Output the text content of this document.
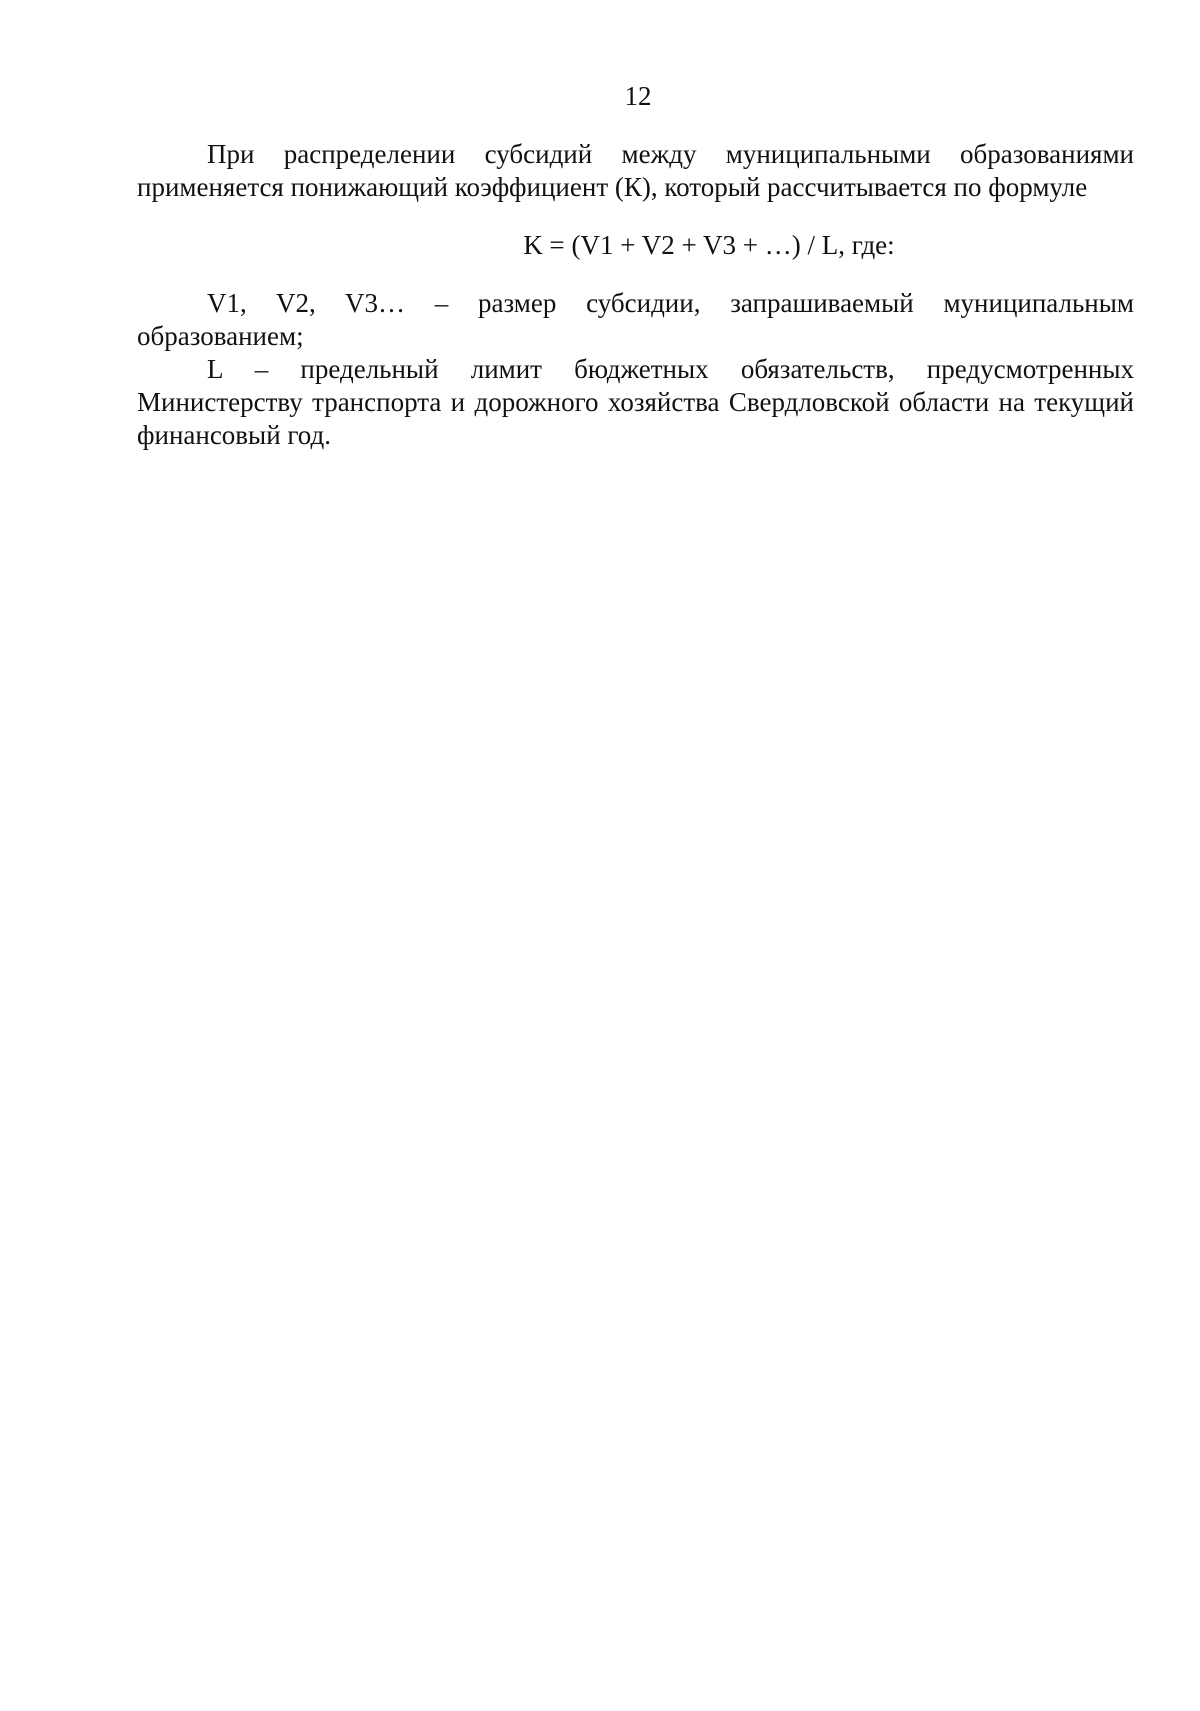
12

При распределении субсидий между муниципальными образованиями применяется понижающий коэффициент (К), который рассчитывается по формуле

K = (V1 + V2 + V3 + …) / L, где:

V1, V2, V3… – размер субсидии, запрашиваемый муниципальным образованием;

L – предельный лимит бюджетных обязательств, предусмотренных Министерству транспорта и дорожного хозяйства Свердловской области на текущий финансовый год.
